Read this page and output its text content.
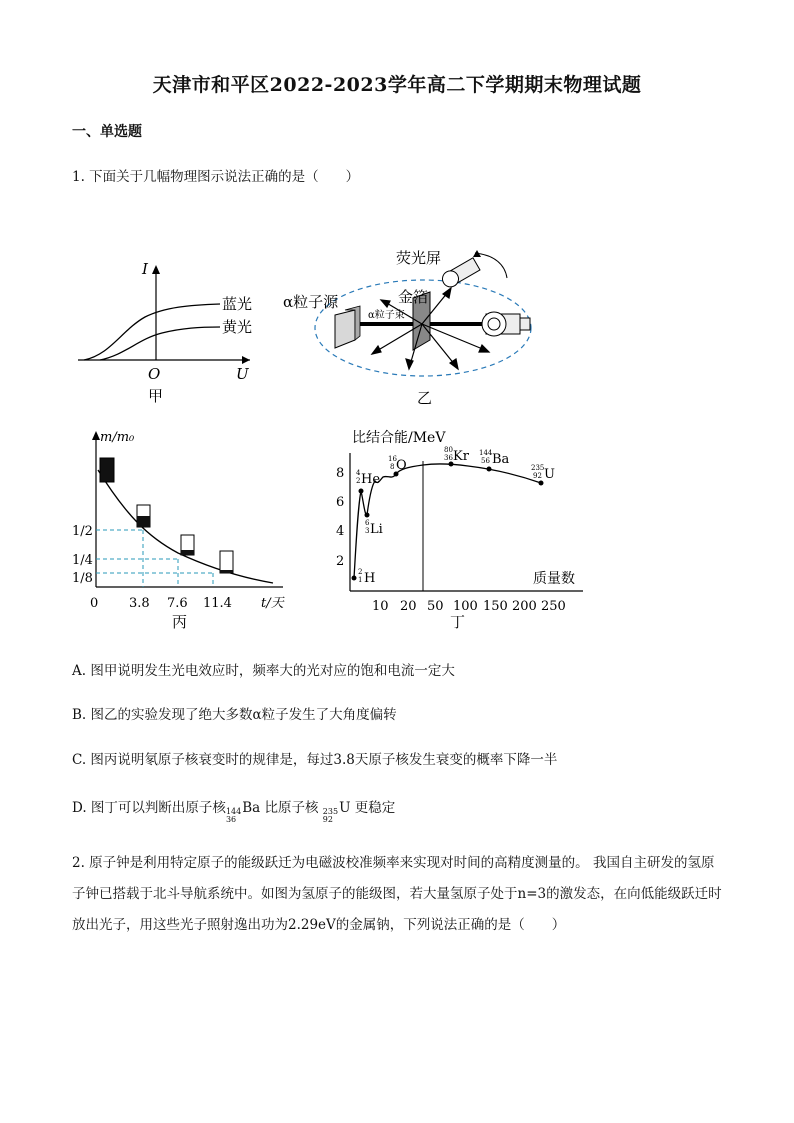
天津市和平区2022-2023学年高二下学期期末物理试题
一、单选题
1. 下面关于几幅物理图示说法正确的是（　　）
I
U
O
蓝光
黄光
甲
α粒子源
α粒子束
金箔
荧光屏
乙
m/m₀
t/天
1/2
1/4
1/8
0 3.8 7.6 11.4
丙
比结合能/MeV
质量数
2
4
6
8
10 20 50 100 150 200 250
2
1
4
2
6
3
16
8
80
36
144
56
235
92
H
He
Li
O
Kr Ba
U
丁
A. 图甲说明发生光电效应时，频率大的光对应的饱和电流一定大
B. 图乙的实验发现了绝大多数α粒子发生了大角度偏转
C. 图丙说明氡原子核衰变时的规律是，每过3.8天原子核发生衰变的概率下降一半
D. 图丁可以判断出原子核 144
36
Ba 比原子核 235
92
U 更稳定
2. 原子钟是利用特定原子的能级跃迁为电磁波校准频率来实现对时间的高精度测量的。 我国自主研发的氢原子钟已搭载于北斗导航系统中。如图为氢原子的能级图，若大量氢原子处于n=3的激发态，在向低能级跃迁时放出光子，用这些光子照射逸出功为2.29eV的金属钠，下列说法正确的是（　　）
